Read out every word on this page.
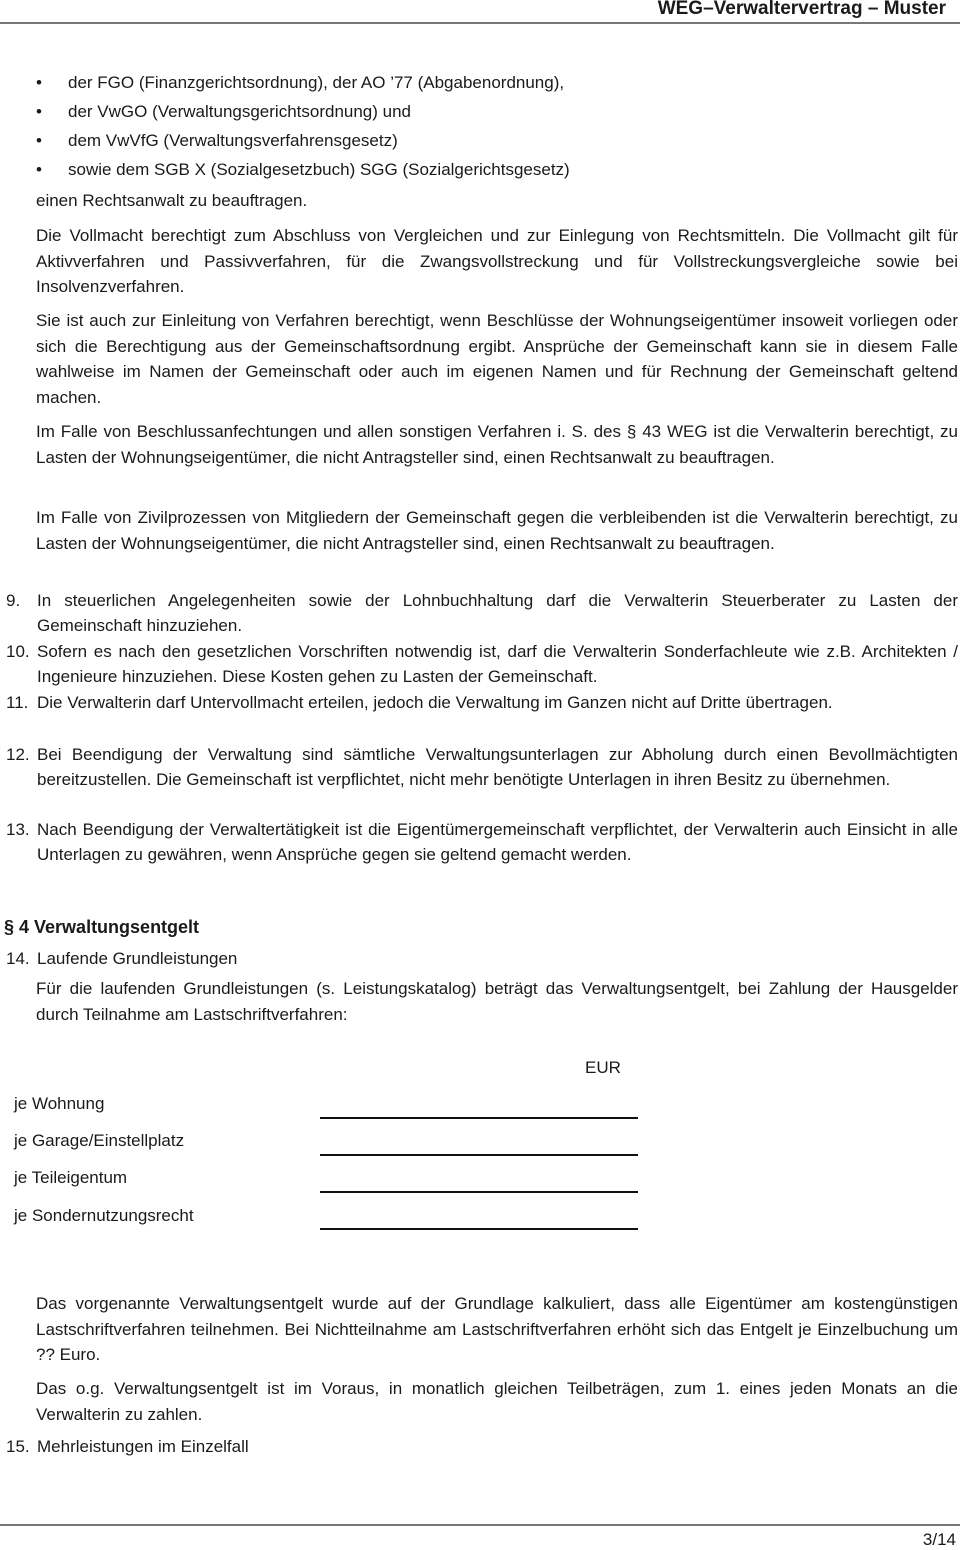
WEG–Verwaltervertrag – Muster
• der FGO (Finanzgerichtsordnung), der AO ’77 (Abgabenordnung),
• der VwGO (Verwaltungsgerichtsordnung) und
• dem VwVfG (Verwaltungsverfahrensgesetz)
• sowie dem SGB X (Sozialgesetzbuch) SGG (Sozialgerichtsgesetz)
einen Rechtsanwalt zu beauftragen.
Die Vollmacht berechtigt zum Abschluss von Vergleichen und zur Einlegung von Rechtsmitteln. Die Vollmacht gilt für Aktivverfahren und Passivverfahren, für die Zwangsvollstreckung und für Vollstreckungsvergleiche sowie bei Insolvenzverfahren.
Sie ist auch zur Einleitung von Verfahren berechtigt, wenn Beschlüsse der Wohnungseigentümer insoweit vorliegen oder sich die Berechtigung aus der Gemeinschaftsordnung ergibt. Ansprüche der Gemeinschaft kann sie in diesem Falle wahlweise im Namen der Gemeinschaft oder auch im eigenen Namen und für Rechnung der Gemeinschaft geltend machen.
Im Falle von Beschlussanfechtungen und allen sonstigen Verfahren i. S. des § 43 WEG ist die Verwalterin berechtigt, zu Lasten der Wohnungseigentümer, die nicht Antragsteller sind, einen Rechtsanwalt zu beauftragen.
Im Falle von Zivilprozessen von Mitgliedern der Gemeinschaft gegen die verbleibenden ist die Verwalterin berechtigt, zu Lasten der Wohnungseigentümer, die nicht Antragsteller sind, einen Rechtsanwalt zu beauftragen.
9. In steuerlichen Angelegenheiten sowie der Lohnbuchhaltung darf die Verwalterin Steuerberater zu Lasten der Gemeinschaft hinzuziehen.
10. Sofern es nach den gesetzlichen Vorschriften notwendig ist, darf die Verwalterin Sonderfachleute wie z.B. Architekten / Ingenieure hinzuziehen. Diese Kosten gehen zu Lasten der Gemeinschaft.
11. Die Verwalterin darf Untervollmacht erteilen, jedoch die Verwaltung im Ganzen nicht auf Dritte übertragen.
12. Bei Beendigung der Verwaltung sind sämtliche Verwaltungsunterlagen zur Abholung durch einen Bevollmächtigten bereitzustellen. Die Gemeinschaft ist verpflichtet, nicht mehr benötigte Unterlagen in ihren Besitz zu übernehmen.
13. Nach Beendigung der Verwaltertätigkeit ist die Eigentümergemeinschaft verpflichtet, der Verwalterin auch Einsicht in alle Unterlagen zu gewähren, wenn Ansprüche gegen sie geltend gemacht werden.
§ 4 Verwaltungsentgelt
14. Laufende Grundleistungen
Für die laufenden Grundleistungen (s. Leistungskatalog) beträgt das Verwaltungsentgelt, bei Zahlung der Hausgelder durch Teilnahme am Lastschriftverfahren:
EUR
je Wohnung
je Garage/Einstellplatz
je Teileigentum
je Sondernutzungsrecht
Das vorgenannte Verwaltungsentgelt wurde auf der Grundlage kalkuliert, dass alle Eigentümer am kostengünstigen Lastschriftverfahren teilnehmen. Bei Nichtteilnahme am Lastschriftverfahren erhöht sich das Entgelt je Einzelbuchung um ?? Euro.
Das o.g. Verwaltungsentgelt ist im Voraus, in monatlich gleichen Teilbeträgen, zum 1. eines jeden Monats an die Verwalterin zu zahlen.
15. Mehrleistungen im Einzelfall
3/14
